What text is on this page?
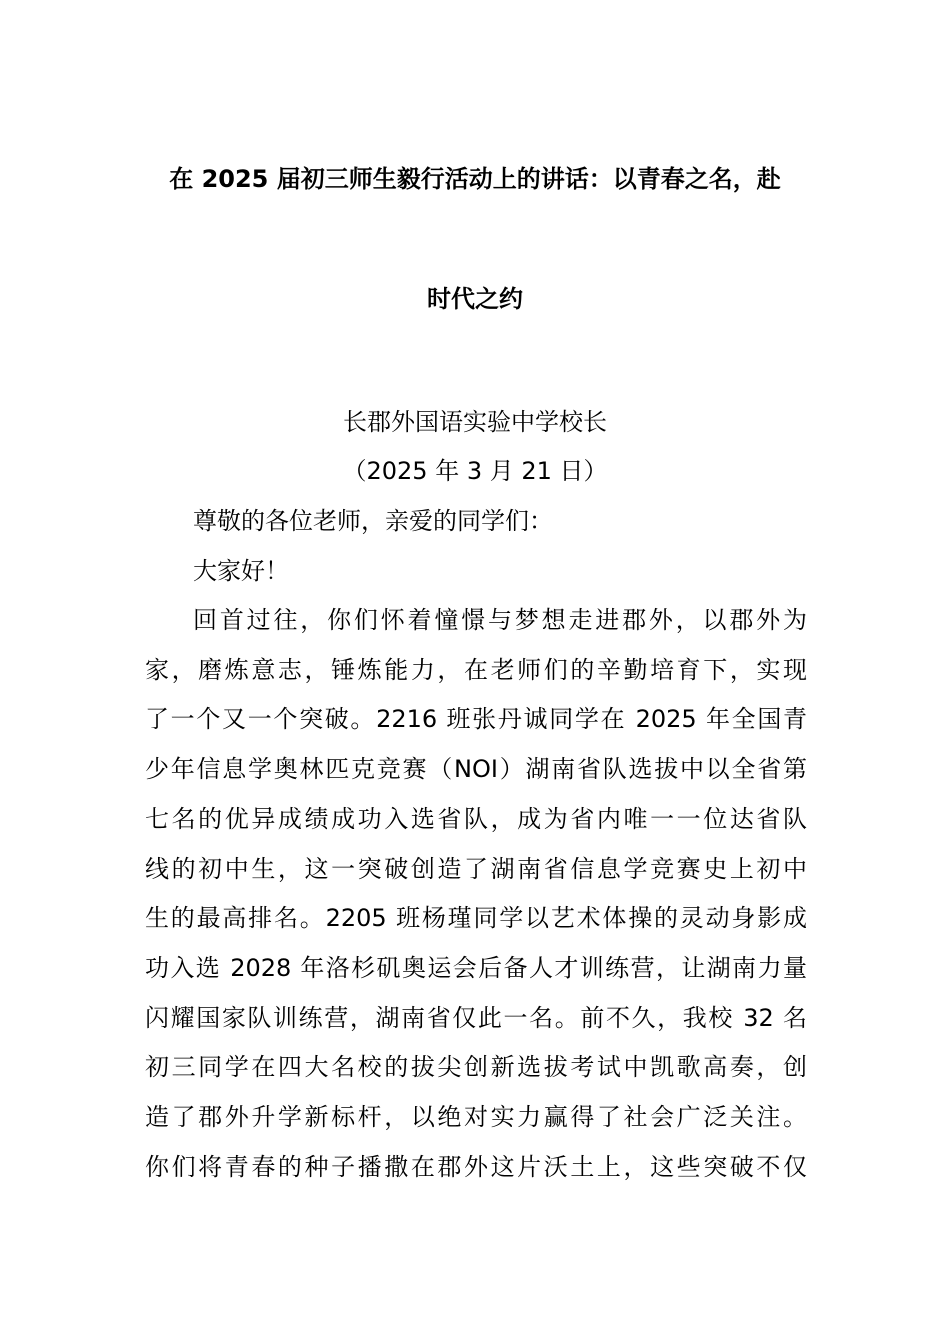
在 2025 届初三师生毅行活动上的讲话：以青春之名，赴
时代之约
长郡外国语实验中学校长
（2025 年 3 月 21 日）
尊敬的各位老师，亲爱的同学们：
大家好！
回首过往，你们怀着憧憬与梦想走进郡外，以郡外为
家，磨炼意志，锤炼能力，在老师们的辛勤培育下，实现
了一个又一个突破。2216 班张丹诚同学在 2025 年全国青
少年信息学奥林匹克竞赛（NOI）湖南省队选拔中以全省第
七名的优异成绩成功入选省队，成为省内唯一一位达省队
线的初中生，这一突破创造了湖南省信息学竞赛史上初中
生的最高排名。2205 班杨瑾同学以艺术体操的灵动身影成
功入选 2028 年洛杉矶奥运会后备人才训练营，让湖南力量
闪耀国家队训练营，湖南省仅此一名。前不久，我校 32 名
初三同学在四大名校的拔尖创新选拔考试中凯歌高奏，创
造了郡外升学新标杆，以绝对实力赢得了社会广泛关注。
你们将青春的种子播撒在郡外这片沃土上，这些突破不仅
